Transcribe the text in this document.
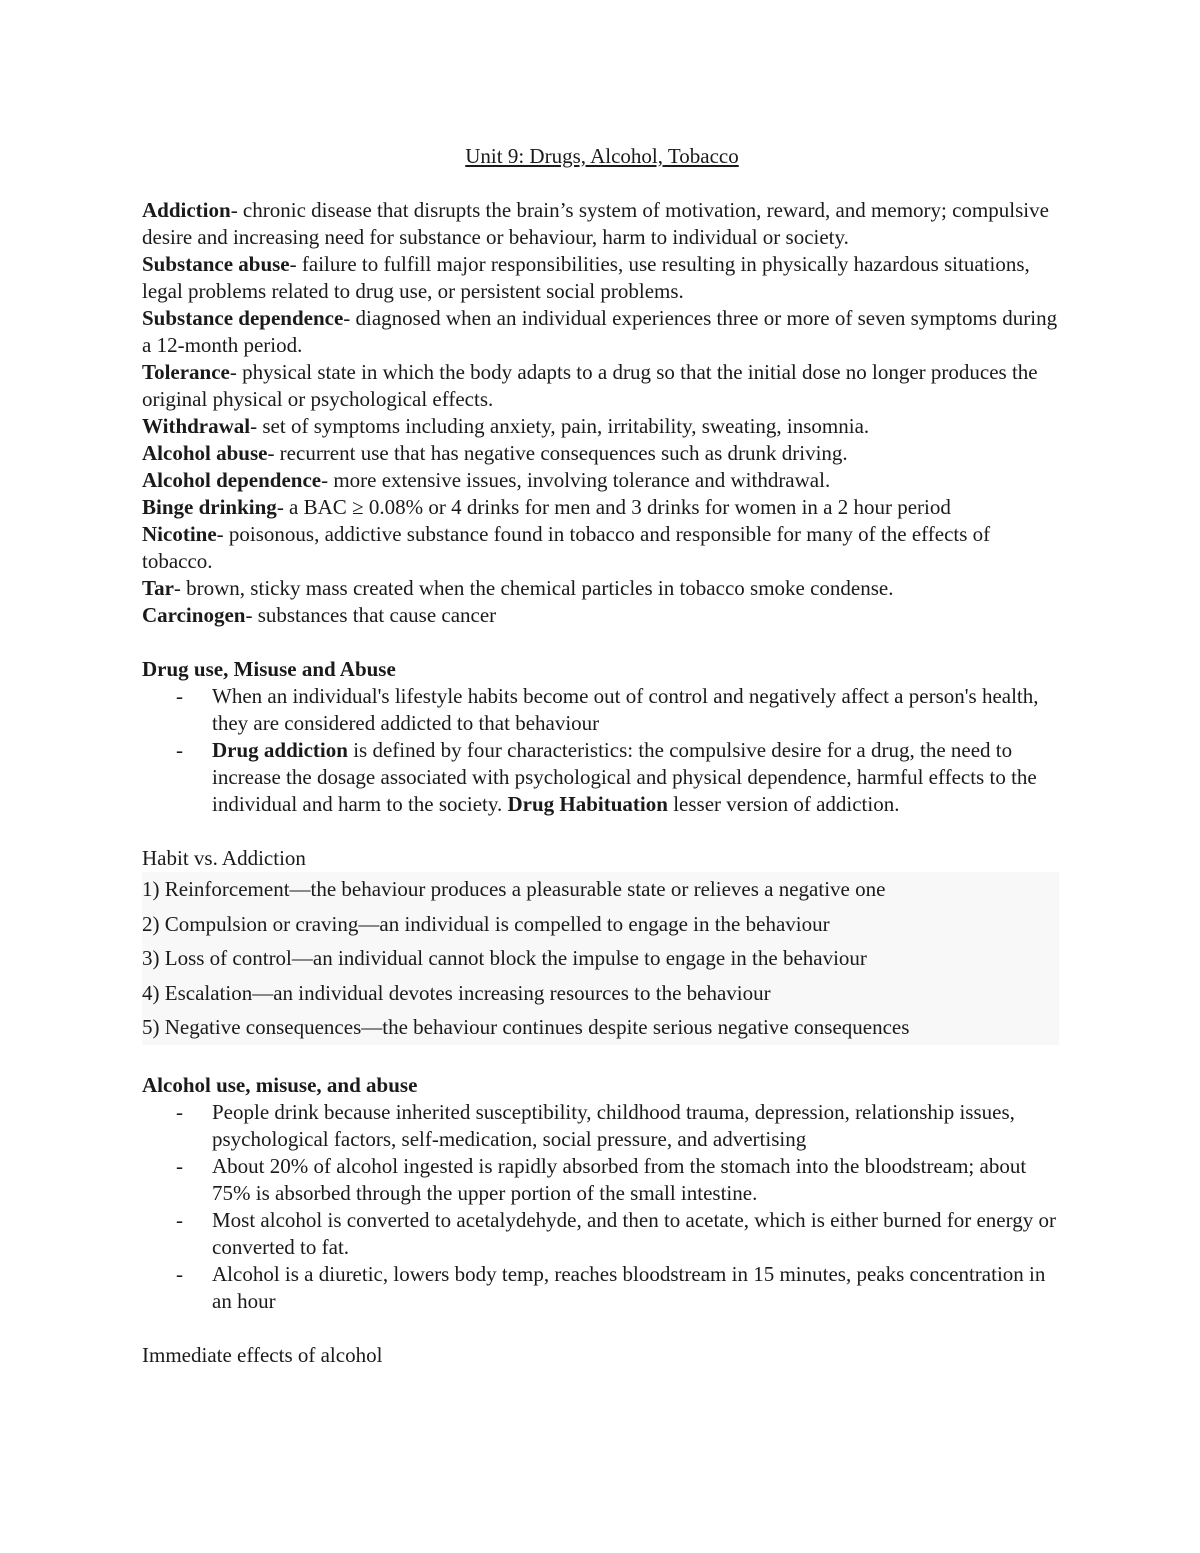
Unit 9: Drugs, Alcohol, Tobacco

Addiction- chronic disease that disrupts the brain’s system of motivation, reward, and memory; compulsive desire and increasing need for substance or behaviour, harm to individual or society.

Substance abuse- failure to fulfill major responsibilities, use resulting in physically hazardous situations, legal problems related to drug use, or persistent social problems.

Substance dependence- diagnosed when an individual experiences three or more of seven symptoms during a 12-month period.

Tolerance- physical state in which the body adapts to a drug so that the initial dose no longer produces the original physical or psychological effects.

Withdrawal- set of symptoms including anxiety, pain, irritability, sweating, insomnia.

Alcohol abuse- recurrent use that has negative consequences such as drunk driving.

Alcohol dependence- more extensive issues, involving tolerance and withdrawal.

Binge drinking- a BAC ≥ 0.08% or 4 drinks for men and 3 drinks for women in a 2 hour period

Nicotine- poisonous, addictive substance found in tobacco and responsible for many of the effects of tobacco.

Tar- brown, sticky mass created when the chemical particles in tobacco smoke condense.

Carcinogen- substances that cause cancer

Drug use, Misuse and Abuse
- When an individual's lifestyle habits become out of control and negatively affect a person's health, they are considered addicted to that behaviour
- Drug addiction is defined by four characteristics: the compulsive desire for a drug, the need to increase the dosage associated with psychological and physical dependence, harmful effects to the individual and harm to the society. Drug Habituation lesser version of addiction.
Habit vs. Addiction
1) Reinforcement—the behaviour produces a pleasurable state or relieves a negative one
2) Compulsion or craving—an individual is compelled to engage in the behaviour
3) Loss of control—an individual cannot block the impulse to engage in the behaviour
4) Escalation—an individual devotes increasing resources to the behaviour
5) Negative consequences—the behaviour continues despite serious negative consequences
Alcohol use, misuse, and abuse
- People drink because inherited susceptibility, childhood trauma, depression, relationship issues, psychological factors, self-medication, social pressure, and advertising
- About 20% of alcohol ingested is rapidly absorbed from the stomach into the bloodstream; about 75% is absorbed through the upper portion of the small intestine.
- Most alcohol is converted to acetalydehyde, and then to acetate, which is either burned for energy or converted to fat.
- Alcohol is a diuretic, lowers body temp, reaches bloodstream in 15 minutes, peaks concentration in an hour
Immediate effects of alcohol
